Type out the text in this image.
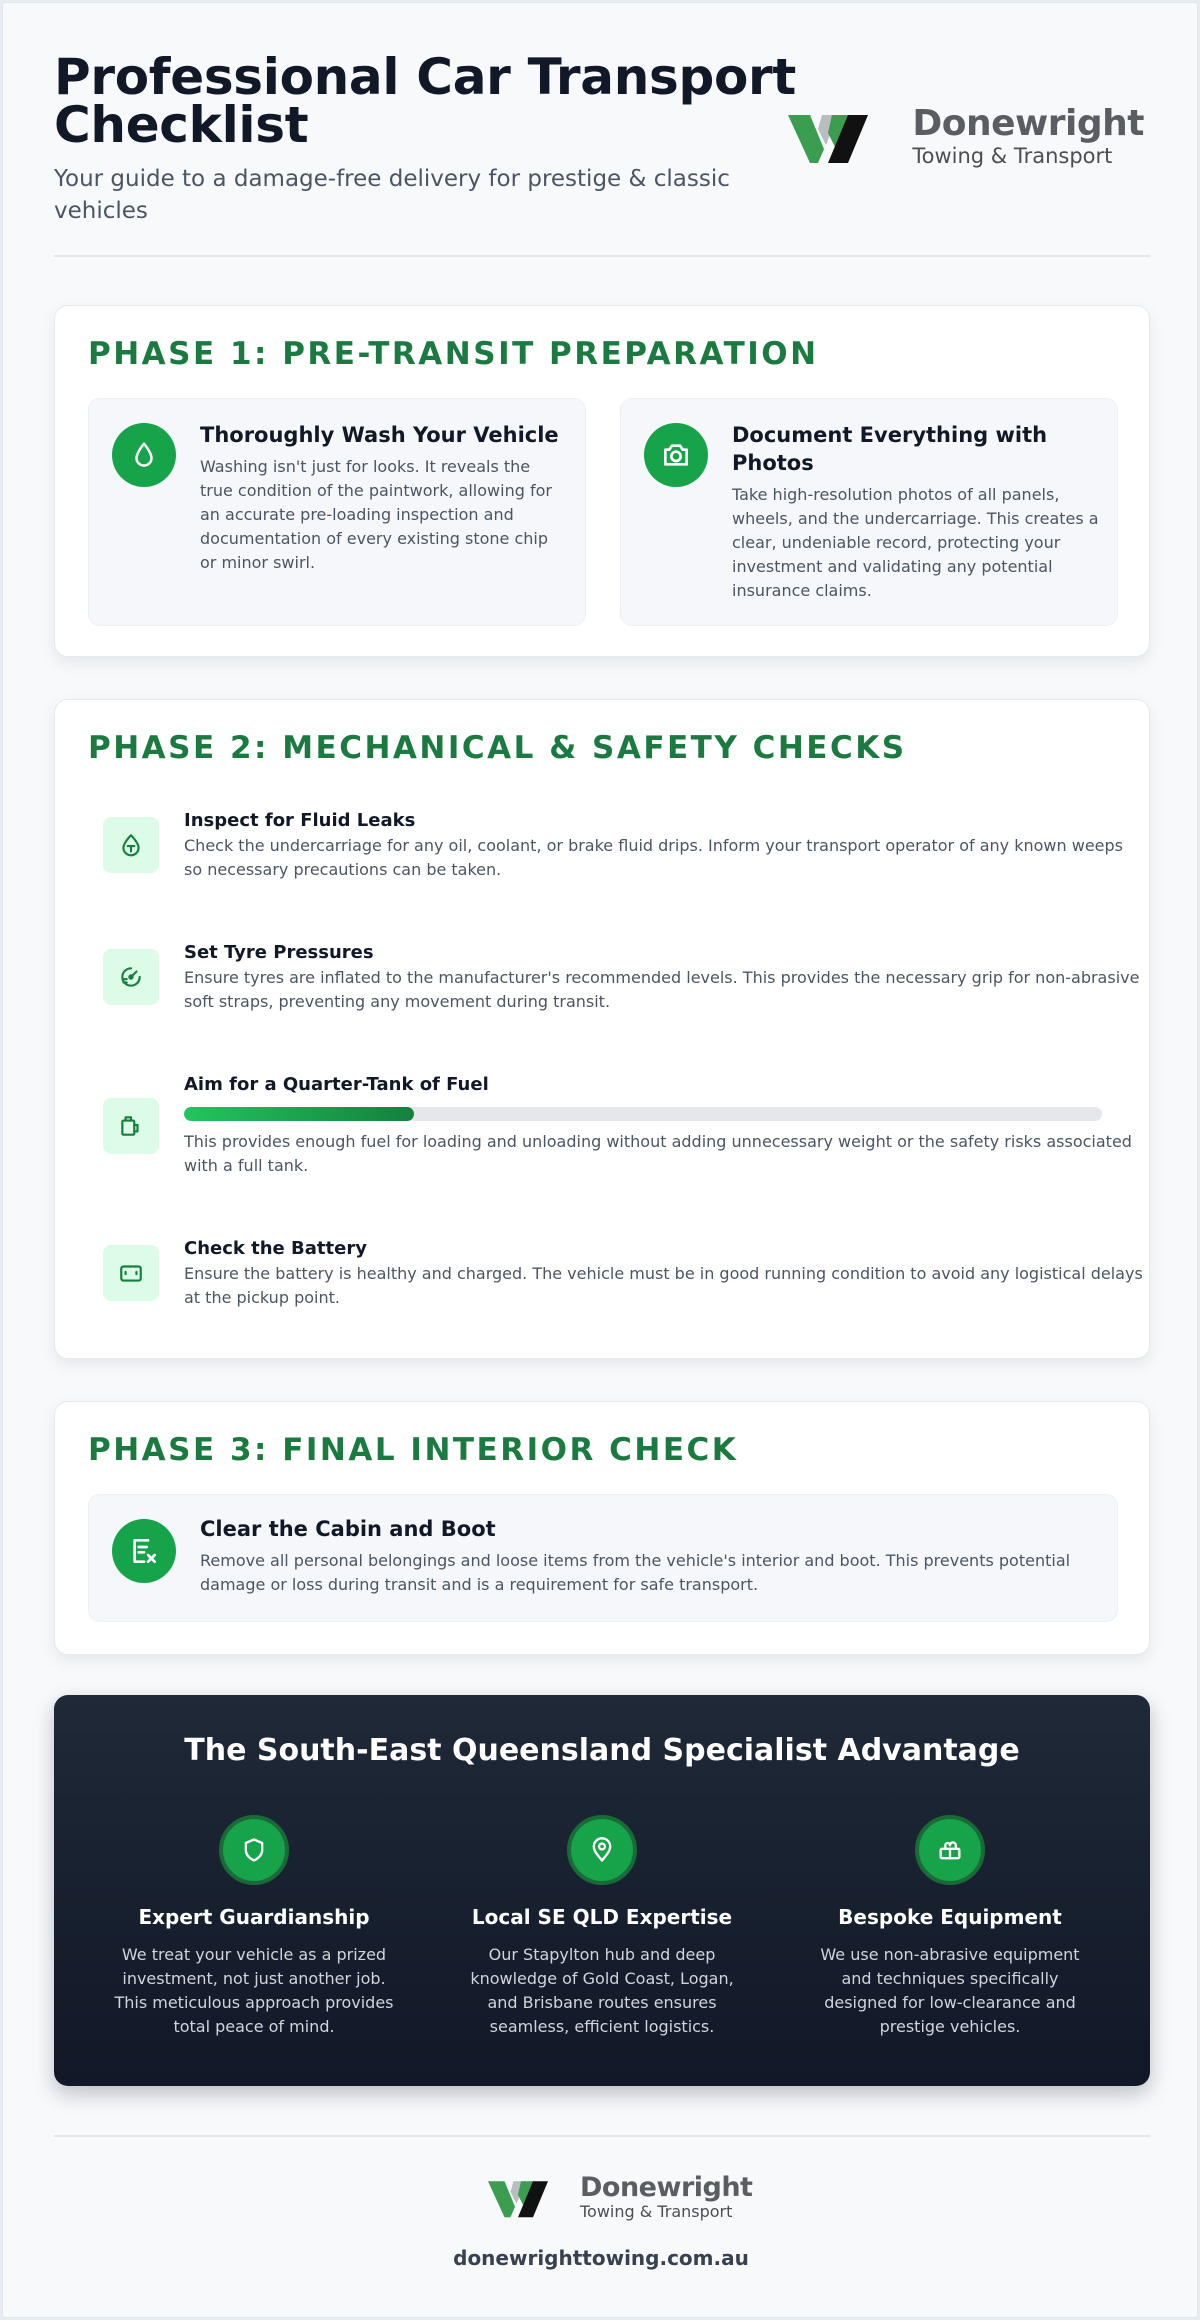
Professional Car Transport Checklist

Your guide to a damage-free delivery for prestige & classic vehicles

Donewright
Towing & Transport
PHASE 1: PRE-TRANSIT PREPARATION
Thoroughly Wash Your Vehicle
Washing isn't just for looks. It reveals the true condition of the paintwork, allowing for an accurate pre-loading inspection and documentation of every existing stone chip or minor swirl.
Document Everything with Photos
Take high-resolution photos of all panels, wheels, and the undercarriage. This creates a clear, undeniable record, protecting your investment and validating any potential insurance claims.
PHASE 2: MECHANICAL & SAFETY CHECKS
Inspect for Fluid Leaks
Check the undercarriage for any oil, coolant, or brake fluid drips. Inform your transport operator of any known weeps so necessary precautions can be taken.
Set Tyre Pressures
Ensure tyres are inflated to the manufacturer's recommended levels. This provides the necessary grip for non-abrasive soft straps, preventing any movement during transit.
Aim for a Quarter-Tank of Fuel
This provides enough fuel for loading and unloading without adding unnecessary weight or the safety risks associated with a full tank.
Check the Battery
Ensure the battery is healthy and charged. The vehicle must be in good running condition to avoid any logistical delays at the pickup point.
PHASE 3: FINAL INTERIOR CHECK
Clear the Cabin and Boot
Remove all personal belongings and loose items from the vehicle's interior and boot. This prevents potential damage or loss during transit and is a requirement for safe transport.
The South-East Queensland Specialist Advantage
Expert Guardianship
We treat your vehicle as a prized investment, not just another job. This meticulous approach provides total peace of mind.
Local SE QLD Expertise
Our Stapylton hub and deep knowledge of Gold Coast, Logan, and Brisbane routes ensures seamless, efficient logistics.
Bespoke Equipment
We use non-abrasive equipment and techniques specifically designed for low-clearance and prestige vehicles.
Donewright
Towing & Transport
donewrighttowing.com.au
